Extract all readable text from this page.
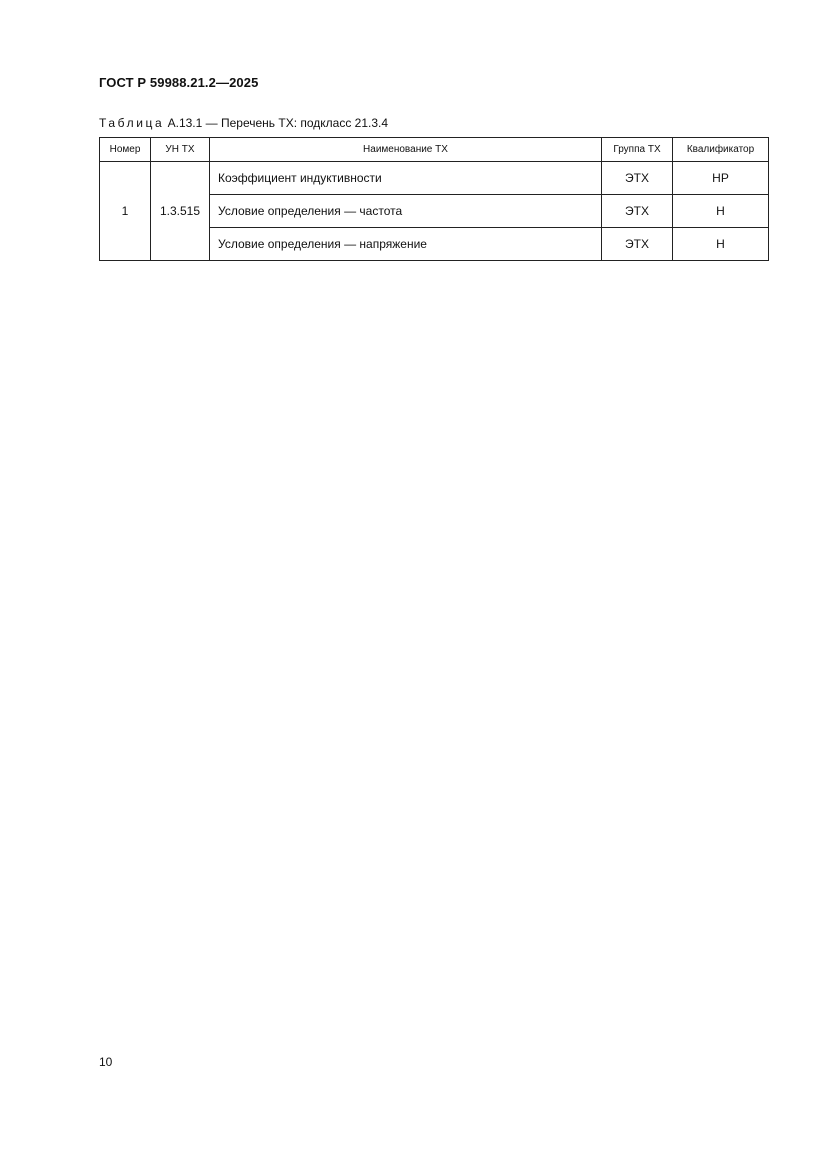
ГОСТ Р 59988.21.2—2025
Таблица А.13.1 — Перечень ТХ: подкласс 21.3.4
Номер	УН ТХ	Наименование ТХ	Группа ТХ	Квалификатор
1	1.3.515	Коэффициент индуктивности	ЭТХ	НР
		Условие определения — частота	ЭТХ	Н
		Условие определения — напряжение	ЭТХ	Н
10
